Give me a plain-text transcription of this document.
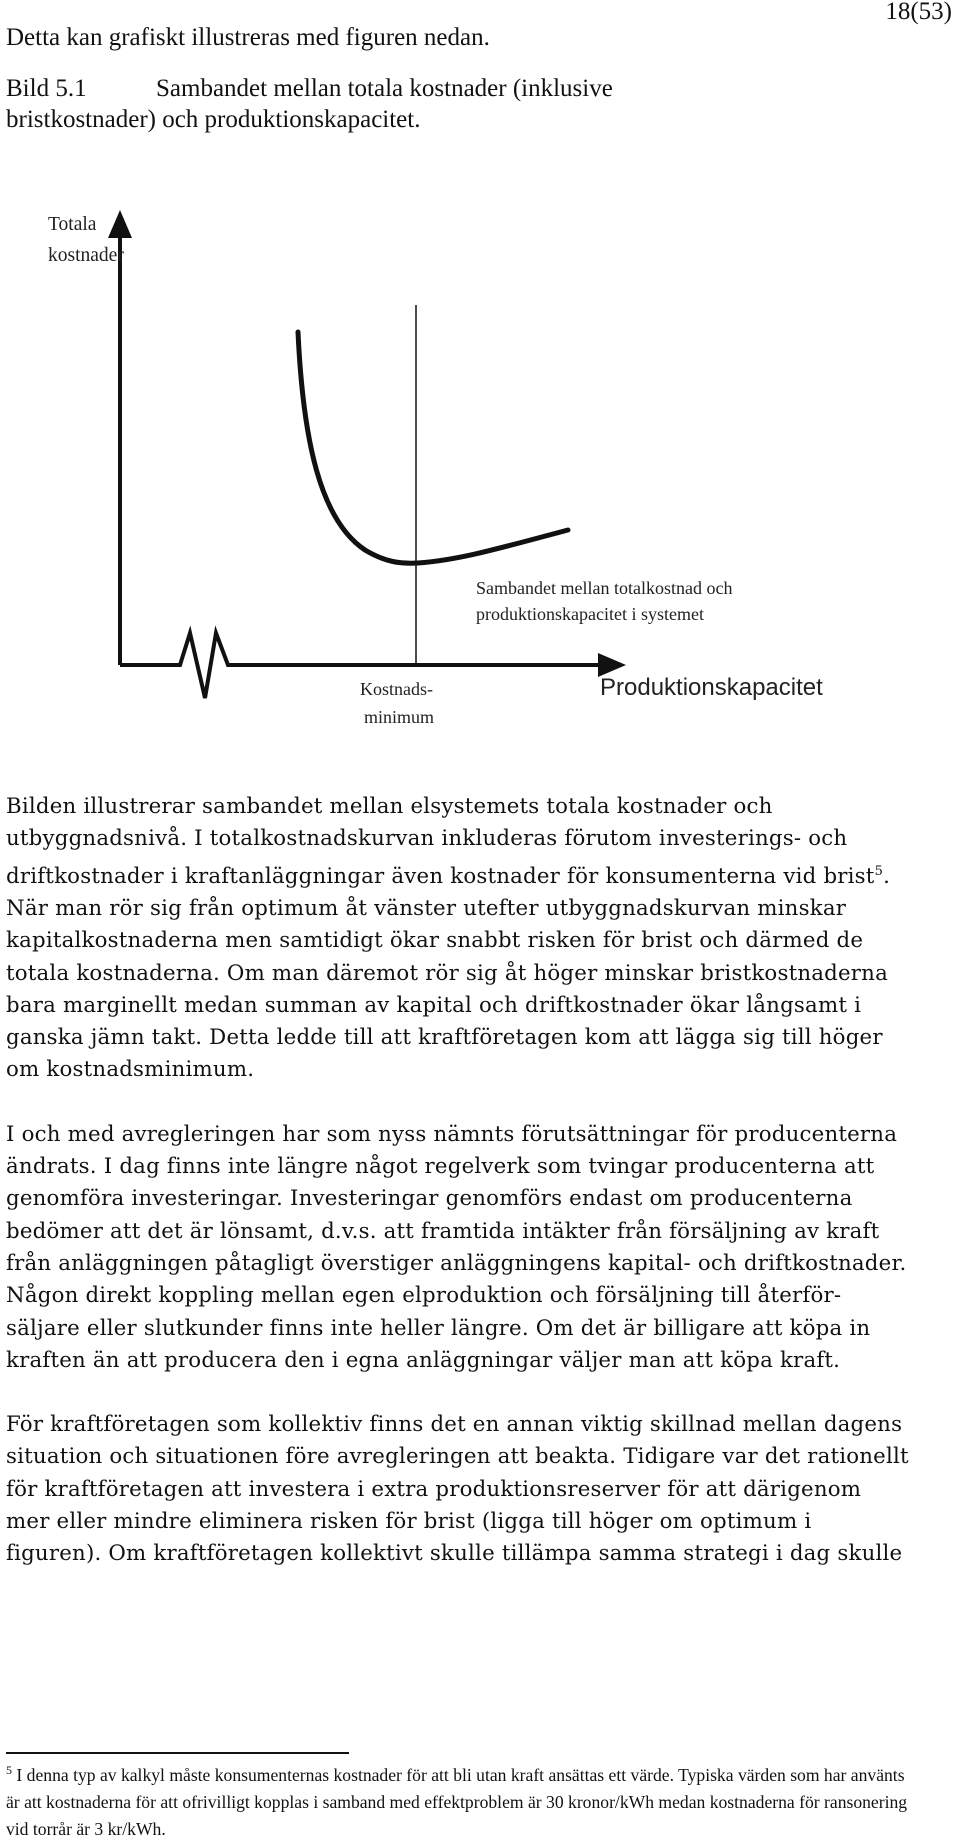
Detta kan grafiskt illustreras med figuren nedan.
18(53)
Bild 5.1	Sambandet mellan totala kostnader (inklusive
bristkostnader) och produktionskapacitet.
Totala
kostnader
Sambandet mellan totalkostnad och
produktionskapacitet i systemet
Kostnads-
minimum
Produktionskapacitet

Bilden illustrerar sambandet mellan elsystemets totala kostnader och utbyggnadsnivå. I totalkostnadskurvan inkluderas förutom investerings- och driftkostnader i kraftanläggningar även kostnader för konsumenterna vid brist$^5$. När man rör sig från optimum åt vänster utefter utbyggnadskurvan minskar kapitalkostnaderna men samtidigt ökar snabbt risken för brist och därmed de totala kostnaderna. Om man däremot rör sig åt höger minskar bristkostnaderna bara marginellt medan summan av kapital och driftkostnader ökar långsamt i ganska jämn takt. Detta ledde till att kraftföretagen kom att lägga sig till höger om kostnadsminimum.

I och med avregleringen har som nyss nämnts förutsättningar för producenterna ändrats. I dag finns inte längre något regelverk som tvingar producenterna att genomföra investeringar. Investeringar genomförs endast om producenterna bedömer att det är lönsamt, d.v.s. att framtida intäkter från försäljning av kraft från anläggningen påtagligt överstiger anläggningens kapital- och driftkostnader. Någon direkt koppling mellan egen elproduktion och försäljning till återför-säljare eller slutkunder finns inte heller längre. Om det är billigare att köpa in kraften än att producera den i egna anläggningar väljer man att köpa kraft.

För kraftföretagen som kollektiv finns det en annan viktig skillnad mellan dagens situation och situationen före avregleringen att beakta. Tidigare var det rationellt för kraftföretagen att investera i extra produktionsreserver för att därigenom mer eller mindre eliminera risken för brist (ligga till höger om optimum i figuren). Om kraftföretagen kollektivt skulle tillämpa samma strategi i dag skulle

$^5$ I denna typ av kalkyl måste konsumenternas kostnader för att bli utan kraft ansättas ett värde. Typiska värden som har använts är att kostnaderna för att ofrivilligt kopplas i samband med effektproblem är 30 kronor/kWh medan kostnaderna för ransonering vid torrår är 3 kr/kWh.
